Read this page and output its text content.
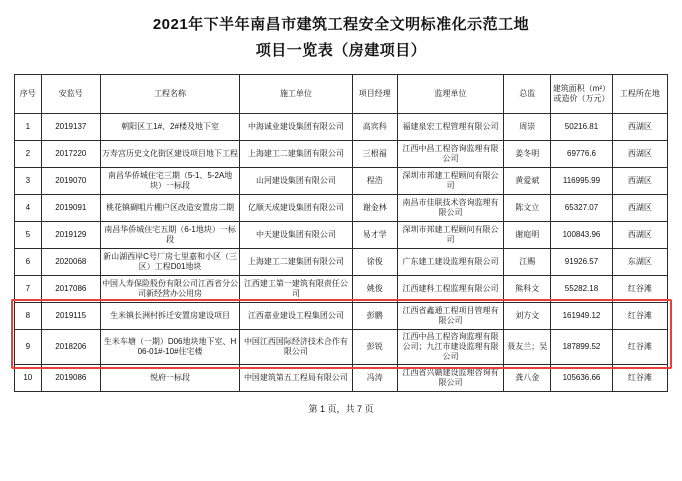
2021年下半年南昌市建筑工程安全文明标准化示范工地
项目一览表（房建项目）
序号	安监号	工程名称	施工单位	项目经理	监理单位	总监	建筑面积（m²）或造价（万元）	工程所在地
1	2019137	朝阳区工1#、2#楼及地下室	中海诚业建设集团有限公司	高宾科	福建泉宏工程管理有限公司	周崇	50216.81	西湖区
2	2017220	万寿宫历史文化街区建设项目地下工程	上海建工二建集团有限公司	三根福	江西中昌工程咨询监理有限公司	姜冬明	69776.6	西湖区
3	2019070	南昌华侨城住宅三期（5-1、5-2A地块）一标段	山河建设集团有限公司	程浩	深圳市邦建工程顾问有限公司	黄爱斌	116995.99	西湖区
4	2019091	桃花镇碉咀片棚户区改造安置房二期	亿顺天成建设集团有限公司	谢金林	南昌市佳联技术咨询监理有限公司	陈文立	65327.07	西湖区
5	2019129	南昌华侨城住宅五期（6-1地块）一标段	中天建设集团有限公司	易才学	深圳市邦建工程顾问有限公司	谢庭明	100843.96	西湖区
6	2020068	新山湖西岸C号厂房七里嘉和小区（三区）工程D01地块	上海建工二建集团有限公司	徐俊	广东建工建设监理有限公司	江赐	91926.57	东湖区
7	2017086	中国人寿保险股份有限公司江西省分公司新经营办公用房	江西建工第一建筑有限责任公司	姚俊	江西建科工程监理有限公司	熊科文	55282.18	红谷滩
8	2019115	生米镇长洲村拆迁安置房建设项目	江西嘉业建设工程集团公司	彭鹏	江西省鑫通工程项目管理有限公司	刘方文	161949.12	红谷滩
9	2018206	生米车塘（一期）D06地块地下室、H06-01#-10#住宅楼	中国江西国际经济技术合作有限公司	彭锐	江西中昌工程咨询监理有限公司；九江市建设监理有限公司	聂友兰；吴	187899.52	红谷滩
10	2019086	悦府一标段	中国建筑第五工程局有限公司	冯涛	江西省兴赣建设监理咨询有限公司	龚八金	105636.66	红谷滩
第 1 页，共 7 页
